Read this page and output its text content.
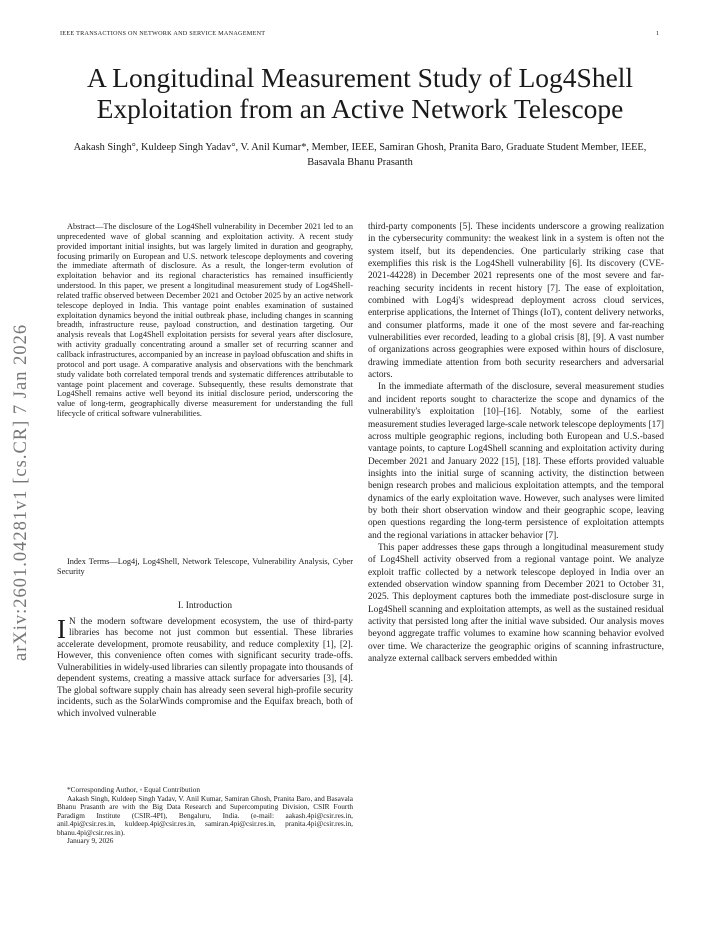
IEEE TRANSACTIONS ON NETWORK AND SERVICE MANAGEMENT	1
arXiv:2601.04281v1 [cs.CR] 7 Jan 2026
A Longitudinal Measurement Study of Log4Shell Exploitation from an Active Network Telescope
Aakash Singh°, Kuldeep Singh Yadav°, V. Anil Kumar*, Member, IEEE, Samiran Ghosh, Pranita Baro, Graduate Student Member, IEEE, Basavala Bhanu Prasanth
Abstract—The disclosure of the Log4Shell vulnerability in December 2021 led to an unprecedented wave of global scanning and exploitation activity. A recent study provided important initial insights, but was largely limited in duration and geography, focusing primarily on European and U.S. network telescope deployments and covering the immediate aftermath of disclosure. As a result, the longer-term evolution of exploitation behavior and its regional characteristics has remained insufficiently understood. In this paper, we present a longitudinal measurement study of Log4Shell-related traffic observed between December 2021 and October 2025 by an active network telescope deployed in India. This vantage point enables examination of sustained exploitation dynamics beyond the initial outbreak phase, including changes in scanning breadth, infrastructure reuse, payload construction, and destination targeting. Our analysis reveals that Log4Shell exploitation persists for several years after disclosure, with activity gradually concentrating around a smaller set of recurring scanner and callback infrastructures, accompanied by an increase in payload obfuscation and shifts in protocol and port usage. A comparative analysis and observations with the benchmark study validate both correlated temporal trends and systematic differences attributable to vantage point placement and coverage. Subsequently, these results demonstrate that Log4Shell remains active well beyond its initial disclosure period, underscoring the value of long-term, geographically diverse measurement for understanding the full lifecycle of critical software vulnerabilities.
Index Terms—Log4j, Log4Shell, Network Telescope, Vulnerability Analysis, Cyber Security
I. Introduction
I N the modern software development ecosystem, the use of third-party libraries has become not just common but essential. These libraries accelerate development, promote reusability, and reduce complexity [1], [2]. However, this convenience often comes with significant security trade-offs. Vulnerabilities in widely-used libraries can silently propagate into thousands of dependent systems, creating a massive attack surface for adversaries [3], [4]. The global software supply chain has already seen several high-profile security incidents, such as the SolarWinds compromise and the Equifax breach, both of which involved vulnerable

*Corresponding Author, ◦ Equal Contribution

Aakash Singh, Kuldeep Singh Yadav, V. Anil Kumar, Samiran Ghosh, Pranita Baro, and Basavala Bhanu Prasanth are with the Big Data Research and Supercomputing Division, CSIR Fourth Paradigm Institute (CSIR-4PI), Bengaluru, India. (e-mail: aakash.4pi@csir.res.in, anil.4pi@csir.res.in, kuldeep.4pi@csir.res.in, samiran.4pi@csir.res.in, pranita.4pi@csir.res.in, bhanu.4pi@csir.res.in).

January 9, 2026

third-party components [5]. These incidents underscore a growing realization in the cybersecurity community: the weakest link in a system is often not the system itself, but its dependencies. One particularly striking case that exemplifies this risk is the Log4Shell vulnerability [6]. Its discovery (CVE-2021-44228) in December 2021 represents one of the most severe and far-reaching security incidents in recent history [7]. The ease of exploitation, combined with Log4j's widespread deployment across cloud services, enterprise applications, the Internet of Things (IoT), content delivery networks, and consumer platforms, made it one of the most severe and far-reaching vulnerabilities ever recorded, leading to a global crisis [8], [9]. A vast number of organizations across geographies were exposed within hours of disclosure, drawing immediate attention from both security researchers and adversarial actors.

In the immediate aftermath of the disclosure, several measurement studies and incident reports sought to characterize the scope and dynamics of the vulnerability's exploitation [10]–[16]. Notably, some of the earliest measurement studies leveraged large-scale network telescope deployments [17] across multiple geographic regions, including both European and U.S.-based vantage points, to capture Log4Shell scanning and exploitation activity during December 2021 and January 2022 [15], [18]. These efforts provided valuable insights into the initial surge of scanning activity, the distinction between benign research probes and malicious exploitation attempts, and the temporal dynamics of the early exploitation wave. However, such analyses were limited by both their short observation window and their geographic scope, leaving open questions regarding the long-term persistence of exploitation attempts and the regional variations in attacker behavior [7].

This paper addresses these gaps through a longitudinal measurement study of Log4Shell activity observed from a regional vantage point. We analyze exploit traffic collected by a network telescope deployed in India over an extended observation window spanning from December 2021 to October 31, 2025. This deployment captures both the immediate post-disclosure surge in Log4Shell scanning and exploitation attempts, as well as the sustained residual activity that persisted long after the initial wave subsided. Our analysis moves beyond aggregate traffic volumes to examine how scanning behavior evolved over time. We characterize the geographic origins of scanning infrastructure, analyze external callback servers embedded within
